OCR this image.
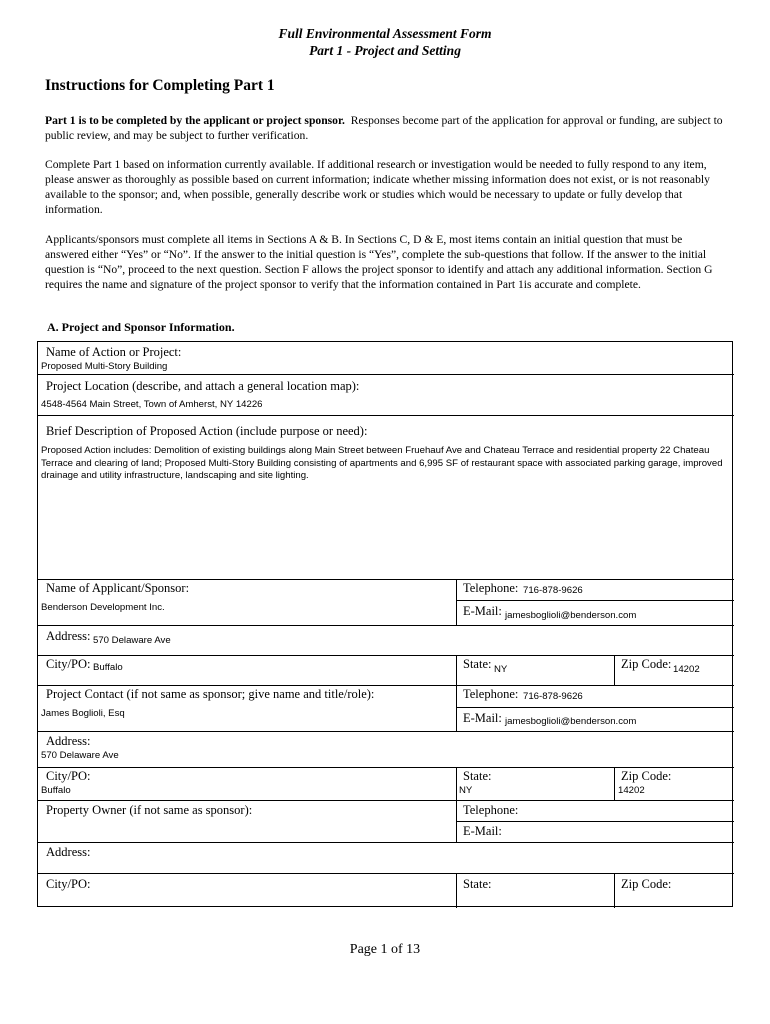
Full Environmental Assessment Form
Part 1 - Project and Setting
Instructions for Completing Part 1
Part 1 is to be completed by the applicant or project sponsor. Responses become part of the application for approval or funding, are subject to public review, and may be subject to further verification.
Complete Part 1 based on information currently available. If additional research or investigation would be needed to fully respond to any item, please answer as thoroughly as possible based on current information; indicate whether missing information does not exist, or is not reasonably available to the sponsor; and, when possible, generally describe work or studies which would be necessary to update or fully develop that information.
Applicants/sponsors must complete all items in Sections A & B. In Sections C, D & E, most items contain an initial question that must be answered either “Yes” or “No”. If the answer to the initial question is “Yes”, complete the sub-questions that follow. If the answer to the initial question is “No”, proceed to the next question. Section F allows the project sponsor to identify and attach any additional information. Section G requires the name and signature of the project sponsor to verify that the information contained in Part 1is accurate and complete.
A. Project and Sponsor Information.
Name of Action or Project:
Proposed Multi-Story Building
Project Location (describe, and attach a general location map):
4548-4564 Main Street, Town of Amherst, NY 14226
Brief Description of Proposed Action (include purpose or need):
Proposed Action includes: Demolition of existing buildings along Main Street between Fruehauf Ave and Chateau Terrace and residential property 22 Chateau Terrace and clearing of land; Proposed Multi-Story Building consisting of apartments and 6,995 SF of restaurant space with associated parking garage, improved drainage and utility infrastructure, landscaping and site lighting.
Name of Applicant/Sponsor:
Benderson Development Inc.
Telephone: 716-878-9626
E-Mail: jamesboglioli@benderson.com
Address: 570 Delaware Ave
City/PO: Buffalo	State: NY	Zip Code: 14202
Project Contact (if not same as sponsor; give name and title/role):
James Boglioli, Esq
Telephone: 716-878-9626
E-Mail: jamesboglioli@benderson.com
Address:
570 Delaware Ave
City/PO:
Buffalo
State:
NY
Zip Code:
14202
Property Owner (if not same as sponsor):	Telephone:
E-Mail:
Address:
City/PO:	State:	Zip Code:
Page 1 of 13
